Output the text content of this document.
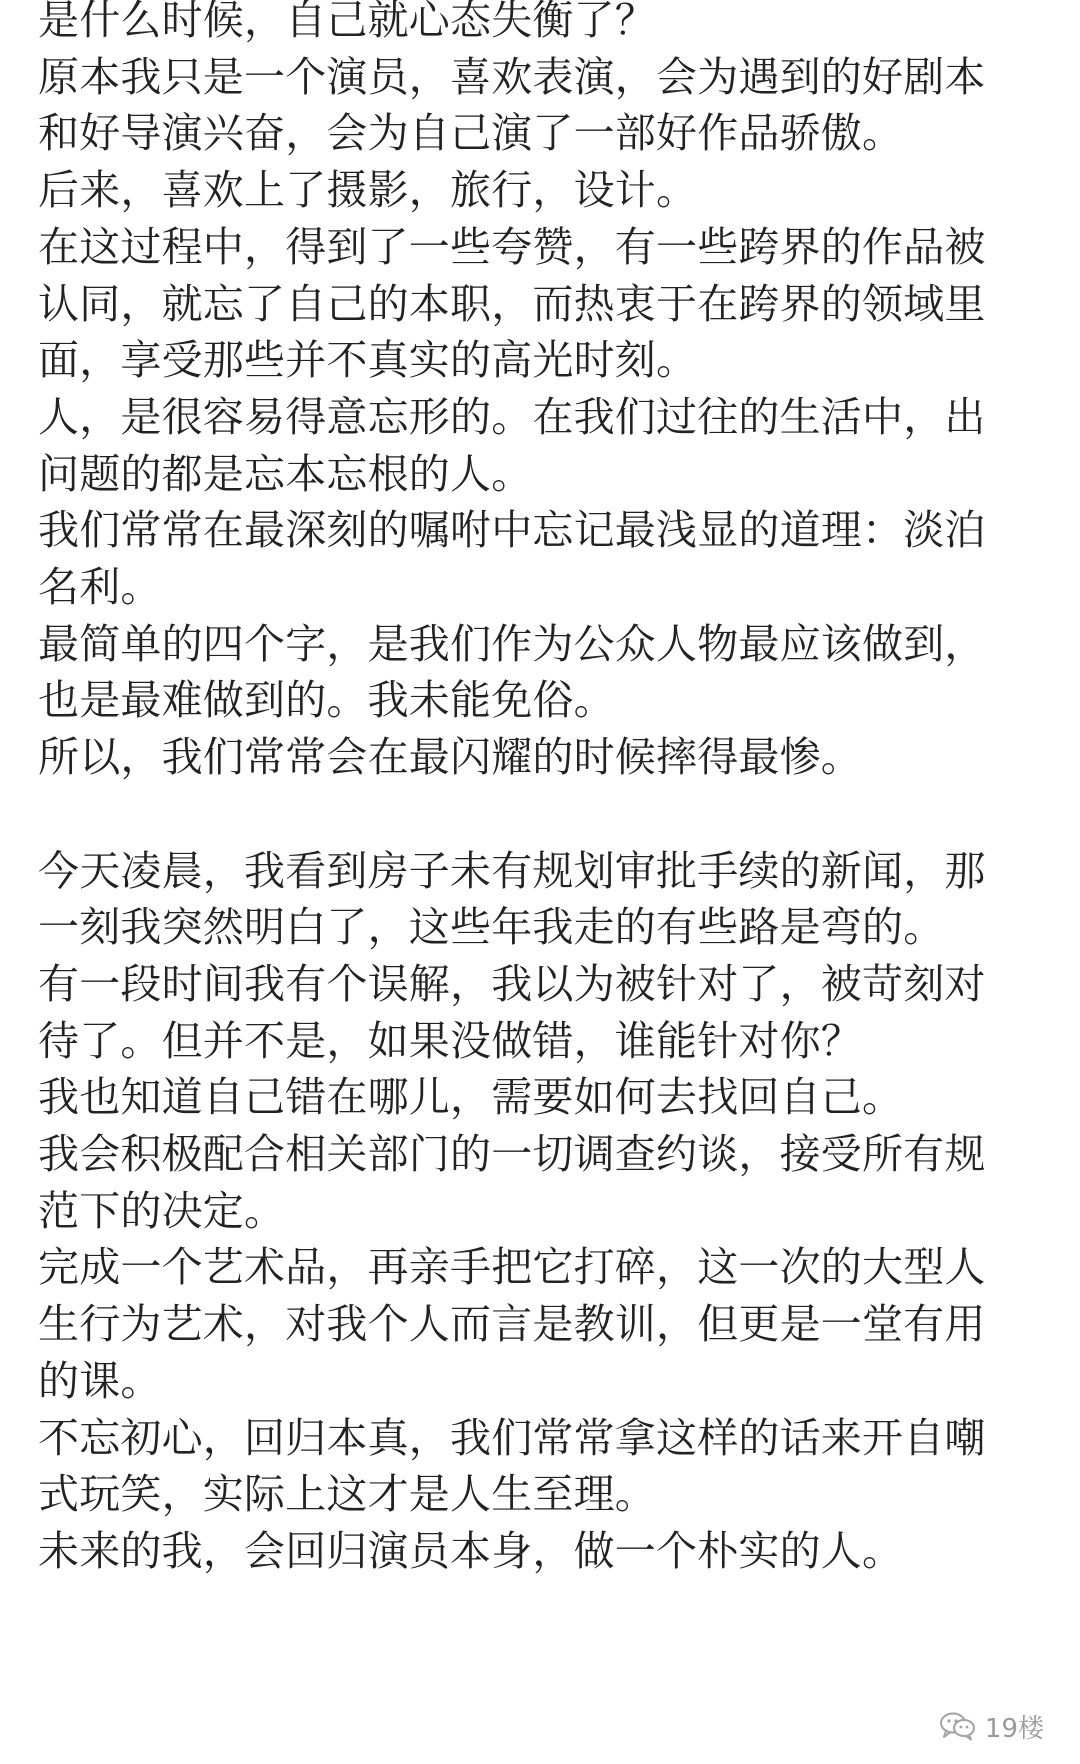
是什么时候，自己就心态失衡了？
原本我只是一个演员，喜欢表演，会为遇到的好剧本
和好导演兴奋，会为自己演了一部好作品骄傲。
后来，喜欢上了摄影，旅行，设计。
在这过程中，得到了一些夸赞，有一些跨界的作品被
认同，就忘了自己的本职，而热衷于在跨界的领域里
面，享受那些并不真实的高光时刻。
人，是很容易得意忘形的。在我们过往的生活中，出
问题的都是忘本忘根的人。
我们常常在最深刻的嘱咐中忘记最浅显的道理：淡泊
名利。
最简单的四个字，是我们作为公众人物最应该做到，
也是最难做到的。我未能免俗。
所以，我们常常会在最闪耀的时候摔得最惨。
今天凌晨，我看到房子未有规划审批手续的新闻，那
一刻我突然明白了，这些年我走的有些路是弯的。
有一段时间我有个误解，我以为被针对了，被苛刻对
待了。但并不是，如果没做错，谁能针对你？
我也知道自己错在哪儿，需要如何去找回自己。
我会积极配合相关部门的一切调查约谈，接受所有规
范下的决定。
完成一个艺术品，再亲手把它打碎，这一次的大型人
生行为艺术，对我个人而言是教训，但更是一堂有用
的课。
不忘初心，回归本真，我们常常拿这样的话来开自嘲
式玩笑，实际上这才是人生至理。
未来的我，会回归演员本身，做一个朴实的人。
19楼
